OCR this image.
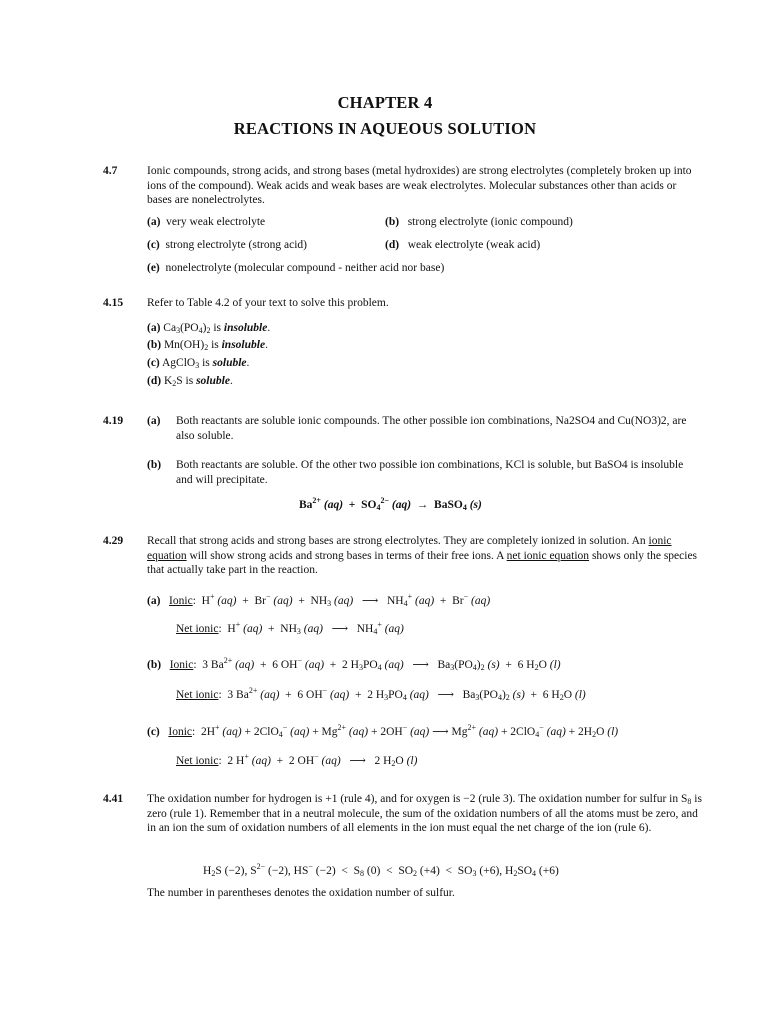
CHAPTER 4
REACTIONS IN AQUEOUS SOLUTION
4.7	Ionic compounds, strong acids, and strong bases (metal hydroxides) are strong electrolytes (completely broken up into ions of the compound). Weak acids and weak bases are weak electrolytes. Molecular substances other than acids or bases are nonelectrolytes.
(a) very weak electrolyte	(b) strong electrolyte (ionic compound)
(c) strong electrolyte (strong acid)	(d) weak electrolyte (weak acid)
(e) nonelectrolyte (molecular compound - neither acid nor base)
4.15 Refer to Table 4.2 of your text to solve this problem.
(a) $Ca_3(PO_4)_2$ is insoluble.
(b) $Mn(OH)_2$ is insoluble.
(c) AgClO$_3$ is soluble.
(d) $K_2S$ is soluble.
4.19 (a) Both reactants are soluble ionic compounds. The other possible ion combinations, Na2SO4 and Cu(NO3)2, are also soluble.
(b) Both reactants are soluble. Of the other two possible ion combinations, KCl is soluble, but BaSO4 is insoluble and will precipitate.
$Ba^{2+}$ $(aq) + SO_4^{2-}$ (aq)  →  BaSO$_4$ (s)
4.29 Recall that strong acids and strong bases are strong electrolytes. They are completely ionized in solution. An ionic equation will show strong acids and strong bases in terms of their free ions. A net ionic equation shows only the species that actually take part in the reaction.
(a) Ionic:  H+ (aq)  +  Br− $(aq) + NH_3$ (aq) ⟶   $NH_4^+$ (aq)  +  Br− (aq)
Net ionic:  H+ $(aq) + NH_3$ (aq) ⟶   $NH_4^+$ (aq)
(b) Ionic:  3 $Ba^{2+}$ (aq)  +  6 OH− (aq)  +  2 $H_3PO_4$ (aq) ⟶   $Ba_3(PO_4)_2$ (s)  +  6 $H_2O$ (l)
Net ionic:  3 $Ba^{2+}$ (aq)  +  6 OH− (aq)  +  2 $H_3PO_4$ (aq) ⟶   $Ba_3(PO_4)_2$ (s)  +  6 $H_2O$ (l)
(c) Ionic:  2H+ (aq) + 2ClO$_4$− $(aq) + Mg^{2+}$ (aq) + 2OH− (aq) ⟶ $Mg^{2+}$ (aq) + 2ClO$_4$− $(aq) + 2H_2O$ (l)
Net ionic:  2 H+ (aq)  +  2 OH− (aq) ⟶   2 $H_2O$ (l)
4.41 The oxidation number for hydrogen is +1 (rule 4), and for oxygen is −2 (rule 3). The oxidation number for sulfur in $S_8$ is zero (rule 1). Remember that in a neutral molecule, the sum of the oxidation numbers of all the atoms must be zero, and in an ion the sum of oxidation numbers of all elements in the ion must equal the net charge of the ion (rule 6).
$H_2S$ (−2), $S^{2-}$ (−2), HS− $(-2) < S_8$ $(0) < SO_2$ $(+4) < SO_3$ (+6), $H_2SO_4$ (+6)
The number in parentheses denotes the oxidation number of sulfur.
